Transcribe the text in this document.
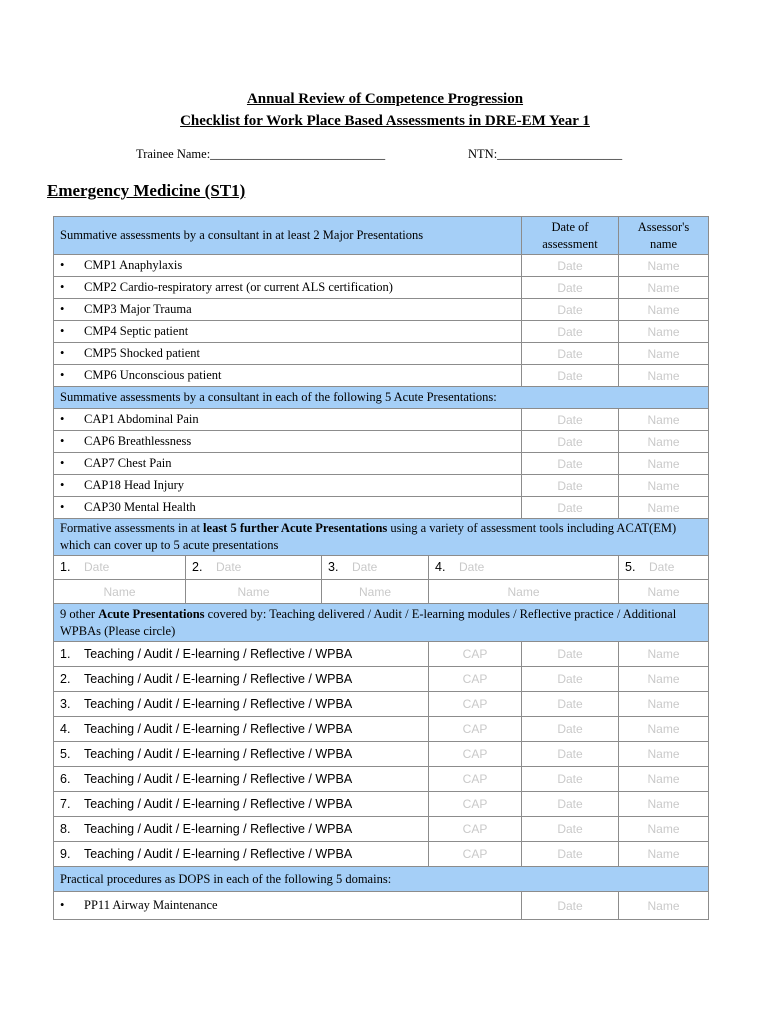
Annual Review of Competence Progression
Checklist for Work Place Based Assessments in DRE-EM Year 1
Trainee Name:____________________________	NTN:____________________
Emergency Medicine (ST1)
Summative assessments by a consultant in at least 2 Major Presentations				Date of assessment	Assessor's name
• CMP1 Anaphylaxis				Date	Name
• CMP2 Cardio-respiratory arrest (or current ALS certification)				Date	Name
• CMP3 Major Trauma				Date	Name
• CMP4 Septic patient				Date	Name
• CMP5 Shocked patient				Date	Name
• CMP6 Unconscious patient				Date	Name
Summative assessments by a consultant in each of the following 5 Acute Presentations:					
• CAP1 Abdominal Pain				Date	Name
• CAP6 Breathlessness				Date	Name
• CAP7 Chest Pain				Date	Name
• CAP18 Head Injury				Date	Name
• CAP30 Mental Health				Date	Name
Formative assessments in at least 5 further Acute Presentations using a variety of assessment tools including ACAT(EM) which can cover up to 5 acute presentations					
1. Date	2. Date	3. Date	4. Date		5. Date
Name	Name	Name	Name		Name
9 other Acute Presentations covered by: Teaching delivered / Audit / E-learning modules / Reflective practice / Additional WPBAs (Please circle)					
1. Teaching / Audit / E-learning / Reflective / WPBA			CAP	Date	Name
2. Teaching / Audit / E-learning / Reflective / WPBA			CAP	Date	Name
3. Teaching / Audit / E-learning / Reflective / WPBA			CAP	Date	Name
4. Teaching / Audit / E-learning / Reflective / WPBA			CAP	Date	Name
5. Teaching / Audit / E-learning / Reflective / WPBA			CAP	Date	Name
6. Teaching / Audit / E-learning / Reflective / WPBA			CAP	Date	Name
7. Teaching / Audit / E-learning / Reflective / WPBA			CAP	Date	Name
8. Teaching / Audit / E-learning / Reflective / WPBA			CAP	Date	Name
9. Teaching / Audit / E-learning / Reflective / WPBA			CAP	Date	Name
Practical procedures as DOPS in each of the following 5 domains:					
• PP11 Airway Maintenance				Date	Name
